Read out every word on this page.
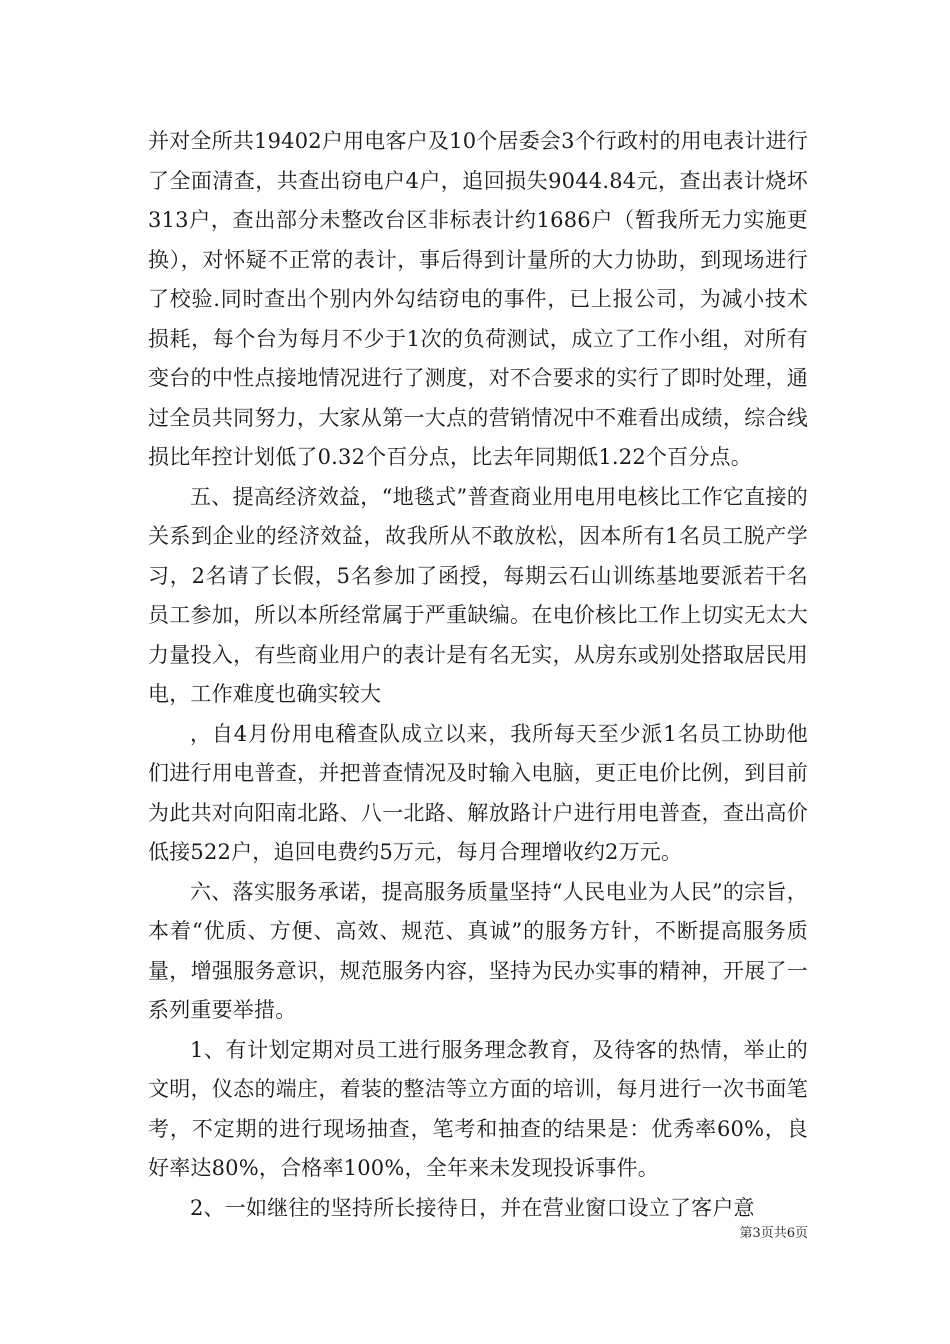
并对全所共19402户用电客户及10个居委会3个行政村的用电表计进行了全面清查，共查出窃电户4户，追回损失9044.84元，查出表计烧坏313户，查出部分未整改台区非标表计约1686户（暂我所无力实施更换），对怀疑不正常的表计，事后得到计量所的大力协助，到现场进行了校验.同时查出个别内外勾结窃电的事件，已上报公司，为减小技术损耗，每个台为每月不少于1次的负荷测试，成立了工作小组，对所有变台的中性点接地情况进行了测度，对不合要求的实行了即时处理，通过全员共同努力，大家从第一大点的营销情况中不难看出成绩，综合线损比年控计划低了0.32个百分点，比去年同期低1.22个百分点。

五、提高经济效益，“地毯式”普查商业用电用电核比工作它直接的关系到企业的经济效益，故我所从不敢放松，因本所有1名员工脱产学习，2名请了长假，5名参加了函授，每期云石山训练基地要派若干名员工参加，所以本所经常属于严重缺编。在电价核比工作上切实无太大力量投入，有些商业用户的表计是有名无实，从房东或别处搭取居民用电，工作难度也确实较大

，自4月份用电稽查队成立以来，我所每天至少派1名员工协助他们进行用电普查，并把普查情况及时输入电脑，更正电价比例，到目前为此共对向阳南北路、八一北路、解放路计户进行用电普查，查出高价低接522户，追回电费约5万元，每月合理增收约2万元。

六、落实服务承诺，提高服务质量坚持“人民电业为人民”的宗旨，本着“优质、方便、高效、规范、真诚”的服务方针，不断提高服务质量，增强服务意识，规范服务内容，坚持为民办实事的精神，开展了一系列重要举措。

1、有计划定期对员工进行服务理念教育，及待客的热情，举止的文明，仪态的端庄，着装的整洁等立方面的培训，每月进行一次书面笔考，不定期的进行现场抽查，笔考和抽查的结果是：优秀率60%，良好率达80%，合格率100%，全年来未发现投诉事件。

2、一如继往的坚持所长接待日，并在营业窗口设立了客户意

第3页共6页
